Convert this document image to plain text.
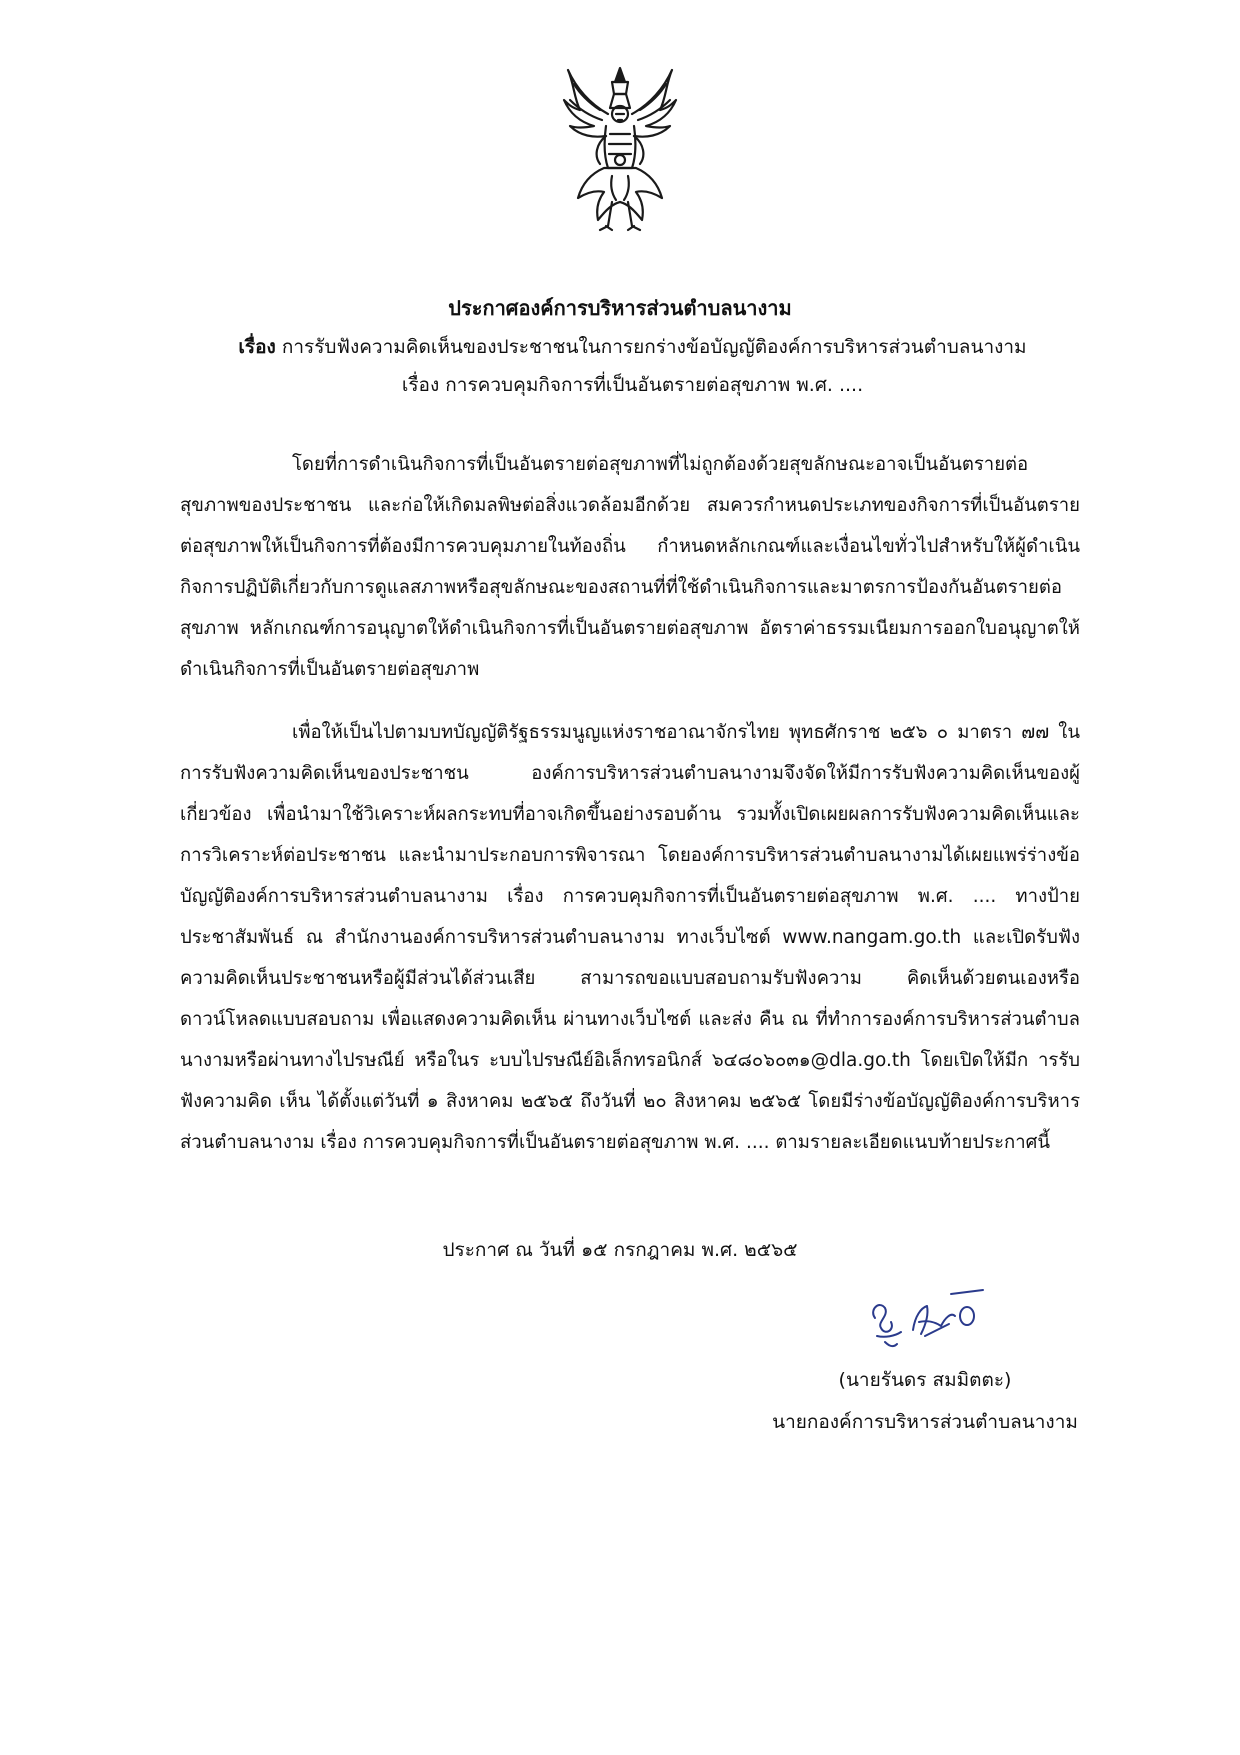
ประกาศองค์การบริหารส่วนตำบลนางาม
เรื่อง การรับฟังความคิดเห็นของประชาชนในการยกร่างข้อบัญญัติองค์การบริหารส่วนตำบลนางาม
เรื่อง การควบคุมกิจการที่เป็นอันตรายต่อสุขภาพ พ.ศ. ....

โดยที่การดำเนินกิจการที่เป็นอันตรายต่อสุขภาพที่ไม่ถูกต้องด้วยสุขลักษณะอาจเป็นอันตรายต่อสุขภาพของประชาชน และก่อให้เกิดมลพิษต่อสิ่งแวดล้อมอีกด้วย สมควรกำหนดประเภทของกิจการที่เป็นอันตรายต่อสุขภาพให้เป็นกิจการที่ต้องมีการควบคุมภายในท้องถิ่น กำหนดหลักเกณฑ์และเงื่อนไขทั่วไปสำหรับให้ผู้ดำเนินกิจการปฏิบัติเกี่ยวกับการดูแลสภาพหรือสุขลักษณะของสถานที่ที่ใช้ดำเนินกิจการและมาตรการป้องกันอันตรายต่อสุขภาพ หลักเกณฑ์การอนุญาตให้ดำเนินกิจการที่เป็นอันตรายต่อสุขภาพ อัตราค่าธรรมเนียมการออกใบอนุญาตให้ดำเนินกิจการที่เป็นอันตรายต่อสุขภาพ

เพื่อให้เป็นไปตามบทบัญญัติรัฐธรรมนูญแห่งราชอาณาจักรไทย พุทธศักราช ๒๕๖ ๐ มาตรา ๗๗ ในการรับฟังความคิดเห็นของประชาชน องค์การบริหารส่วนตำบลนางามจึงจัดให้มีการรับฟังความคิดเห็นของผู้เกี่ยวข้อง เพื่อนำมาใช้วิเคราะห์ผลกระทบที่อาจเกิดขึ้นอย่างรอบด้าน รวมทั้งเปิดเผยผลการรับฟังความคิดเห็นและการวิเคราะห์ต่อประชาชน และนำมาประกอบการพิจารณา โดยองค์การบริหารส่วนตำบลนางามได้เผยแพร่ร่างข้อบัญญัติองค์การบริหารส่วนตำบลนางาม เรื่อง การควบคุมกิจการที่เป็นอันตรายต่อสุขภาพ พ.ศ. .... ทางป้ายประชาสัมพันธ์ ณ สำนักงานองค์การบริหารส่วนตำบลนางาม ทางเว็บไซต์ www.nangam.go.th และเปิดรับฟังความคิดเห็นประชาชนหรือผู้มีส่วนได้ส่วนเสีย สามารถขอแบบสอบถามรับฟังความ คิดเห็นด้วยตนเองหรือดาวน์โหลดแบบสอบถาม เพื่อแสดงความคิดเห็น ผ่านทางเว็บไซต์ และส่ง คืน ณ ที่ทำการองค์การบริหารส่วนตำบลนางามหรือผ่านทางไปรษณีย์ หรือในร ะบบไปรษณีย์อิเล็กทรอนิกส์ ๖๔๘๐๖๐๓๑@dla.go.th โดยเปิดให้มีก ารรับฟังความคิด เห็น ได้ตั้งแต่วันที่ ๑ สิงหาคม ๒๕๖๕ ถึงวันที่ ๒๐ สิงหาคม ๒๕๖๕ โดยมีร่างข้อบัญญัติองค์การบริหารส่วนตำบลนางาม เรื่อง การควบคุมกิจการที่เป็นอันตรายต่อสุขภาพ พ.ศ. .... ตามรายละเอียดแนบท้ายประกาศนี้

ประกาศ ณ วันที่ ๑๕ กรกฎาคม พ.ศ. ๒๕๖๕
(นายรันดร สมมิตตะ)
นายกองค์การบริหารส่วนตำบลนางาม
